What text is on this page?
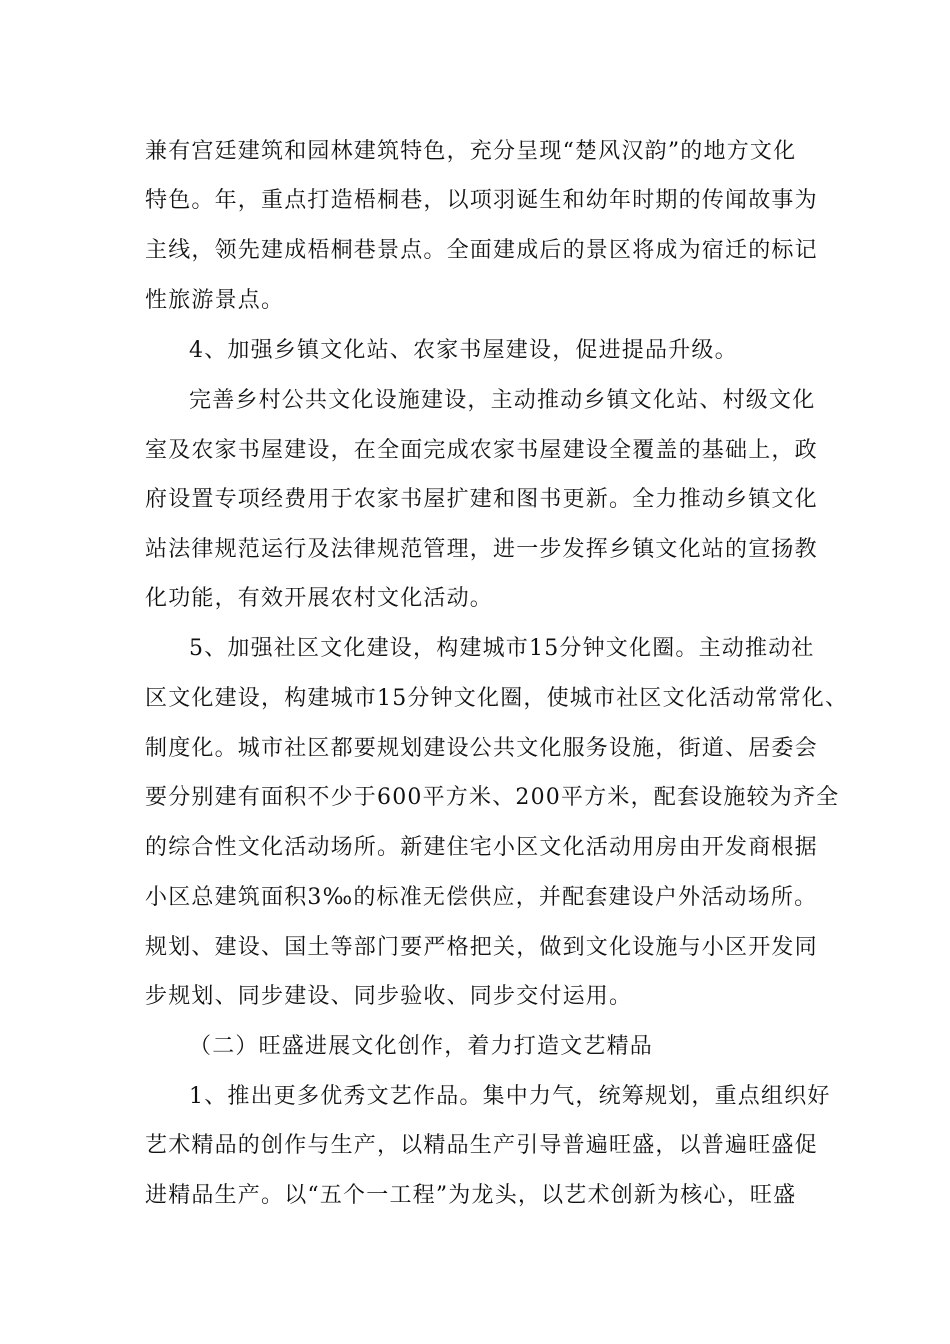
兼有宫廷建筑和园林建筑特色，充分呈现“楚风汉韵”的地方文化
特色。年，重点打造梧桐巷，以项羽诞生和幼年时期的传闻故事为
主线，领先建成梧桐巷景点。全面建成后的景区将成为宿迁的标记
性旅游景点。
4、加强乡镇文化站、农家书屋建设，促进提品升级。
完善乡村公共文化设施建设，主动推动乡镇文化站、村级文化
室及农家书屋建设，在全面完成农家书屋建设全覆盖的基础上，政
府设置专项经费用于农家书屋扩建和图书更新。全力推动乡镇文化
站法律规范运行及法律规范管理，进一步发挥乡镇文化站的宣扬教
化功能，有效开展农村文化活动。
5、加强社区文化建设，构建城市15分钟文化圈。主动推动社
区文化建设，构建城市15分钟文化圈，使城市社区文化活动常常化、
制度化。城市社区都要规划建设公共文化服务设施，街道、居委会
要分别建有面积不少于600平方米、200平方米，配套设施较为齐全
的综合性文化活动场所。新建住宅小区文化活动用房由开发商根据
小区总建筑面积3‰的标准无偿供应，并配套建设户外活动场所。
规划、建设、国土等部门要严格把关，做到文化设施与小区开发同
步规划、同步建设、同步验收、同步交付运用。
（二）旺盛进展文化创作，着力打造文艺精品
1、推出更多优秀文艺作品。集中力气，统筹规划，重点组织好
艺术精品的创作与生产，以精品生产引导普遍旺盛，以普遍旺盛促
进精品生产。以“五个一工程”为龙头，以艺术创新为核心，旺盛
